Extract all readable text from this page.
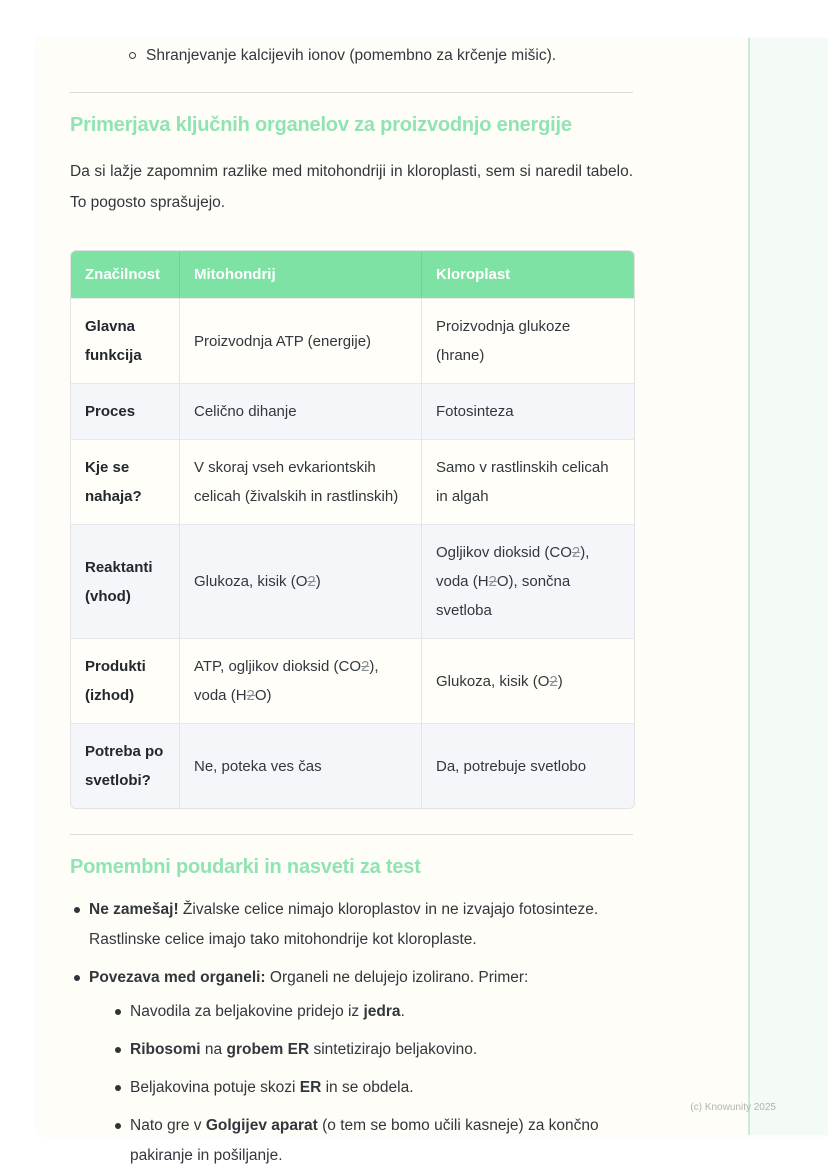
Shranjevanje kalcijevih ionov (pomembno za krčenje mišic).
Primerjava ključnih organelov za proizvodnjo energije

Da si lažje zapomnim razlike med mitohondriji in kloroplasti, sem si naredil tabelo. To pogosto sprašujejo.

Značilnost	Mitohondrij	Kloroplast
Glavna funkcija	Proizvodnja ATP (energije)	Proizvodnja glukoze (hrane)
Proces	Celično dihanje	Fotosinteza
Kje se nahaja?	V skoraj vseh evkariontskih celicah (živalskih in rastlinskih)	Samo v rastlinskih celicah in algah
Reaktanti (vhod)	Glukoza, kisik (O2)	Ogljikov dioksid (CO2), voda (H2O), sončna svetloba
Produkti (izhod)	ATP, ogljikov dioksid (CO2), voda (H2O)	Glukoza, kisik (O2)
Potreba po svetlobi?	Ne, poteka ves čas	Da, potrebuje svetlobo
Pomembni poudarki in nasveti za test
Ne zamešaj! Živalske celice nimajo kloroplastov in ne izvajajo fotosinteze. Rastlinske celice imajo tako mitohondrije kot kloroplaste.
Povezava med organeli: Organeli ne delujejo izolirano. Primer:
Navodila za beljakovine pridejo iz jedra.
Ribosomi na grobem ER sintetizirajo beljakovino.
Beljakovina potuje skozi ER in se obdela.
Nato gre v Golgijev aparat (o tem se bomo učili kasneje) za končno pakiranje in pošiljanje.
(c) Knowunity 2025
